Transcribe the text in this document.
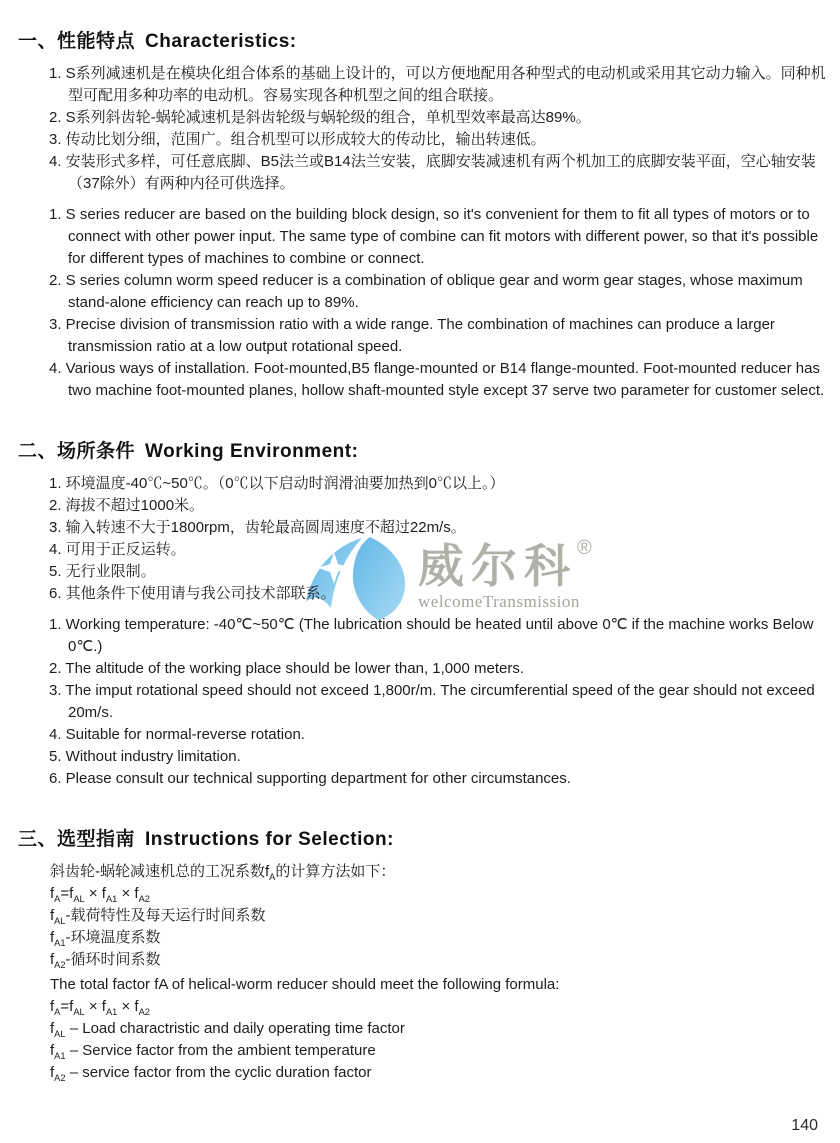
威尔科 ®
welcomeTransmission
一、性能特点 Characteristics:
1. S系列减速机是在模块化组合体系的基础上设计的，可以方便地配用各种型式的电动机或采用其它动力输入。同种机型可配用多种功率的电动机。容易实现各种机型之间的组合联接。
2. S系列斜齿轮-蜗轮减速机是斜齿轮级与蜗轮级的组合，单机型效率最高达89%。
3. 传动比划分细，范围广。组合机型可以形成较大的传动比，输出转速低。
4. 安装形式多样，可任意底脚、B5法兰或B14法兰安装，底脚安装减速机有两个机加工的底脚安装平面，空心轴安装（37除外）有两种内径可供选择。
1. S series reducer are based on the building block design, so it's convenient for them to fit all types of motors or to connect with other power input. The same type of combine can fit motors with different power, so that it's possible for different types of machines to combine or connect.
2. S series column worm speed reducer is a combination of oblique gear and worm gear stages, whose maximum stand-alone efficiency can reach up to 89%.
3. Precise division of transmission ratio with a wide range. The combination of machines can produce a larger transmission ratio at a low output rotational speed.
4. Various ways of installation. Foot-mounted,B5 flange-mounted or B14 flange-mounted. Foot-mounted reducer has two machine foot-mounted planes, hollow shaft-mounted style except 37 serve two parameter for customer select.
二、场所条件 Working Environment:
1. 环境温度-40℃~50℃。（0℃以下启动时润滑油要加热到0℃以上。）
2. 海拔不超过1000米。
3. 输入转速不大于1800rpm，齿轮最高圆周速度不超过22m/s。
4. 可用于正反运转。
5. 无行业限制。
6. 其他条件下使用请与我公司技术部联系。
1. Working temperature: -40℃~50℃ (The lubrication should be heated until above 0℃ if the machine works Below 0℃.)
2. The altitude of the working place should be lower than, 1,000 meters.
3. The imput rotational speed should not exceed 1,800r/m. The circumferential speed of the gear should not exceed 20m/s.
4. Suitable for normal-reverse rotation.
5. Without industry limitation.
6. Please consult our technical supporting department for other circumstances.
三、选型指南 Instructions for Selection:
斜齿轮-蜗轮减速机总的工况系数$f_A$的计算方法如下：
$f_A=f_{AL} \times f_{A1} \times f_{A2}$
$f_{AL}-$载荷特性及每天运行时间系数
$f_{A1}-$环境温度系数
$f_{A2}-$循环时间系数
The total factor fA of helical-worm reducer should meet the following formula:
$f_A=f_{AL} \times f_{A1} \times f_{A2}$
$f_{AL}$ – Load charactristic and daily operating time factor
$f_{A1}$ – Service factor from the ambient temperature
$f_{A2}$ – service factor from the cyclic duration factor
140
